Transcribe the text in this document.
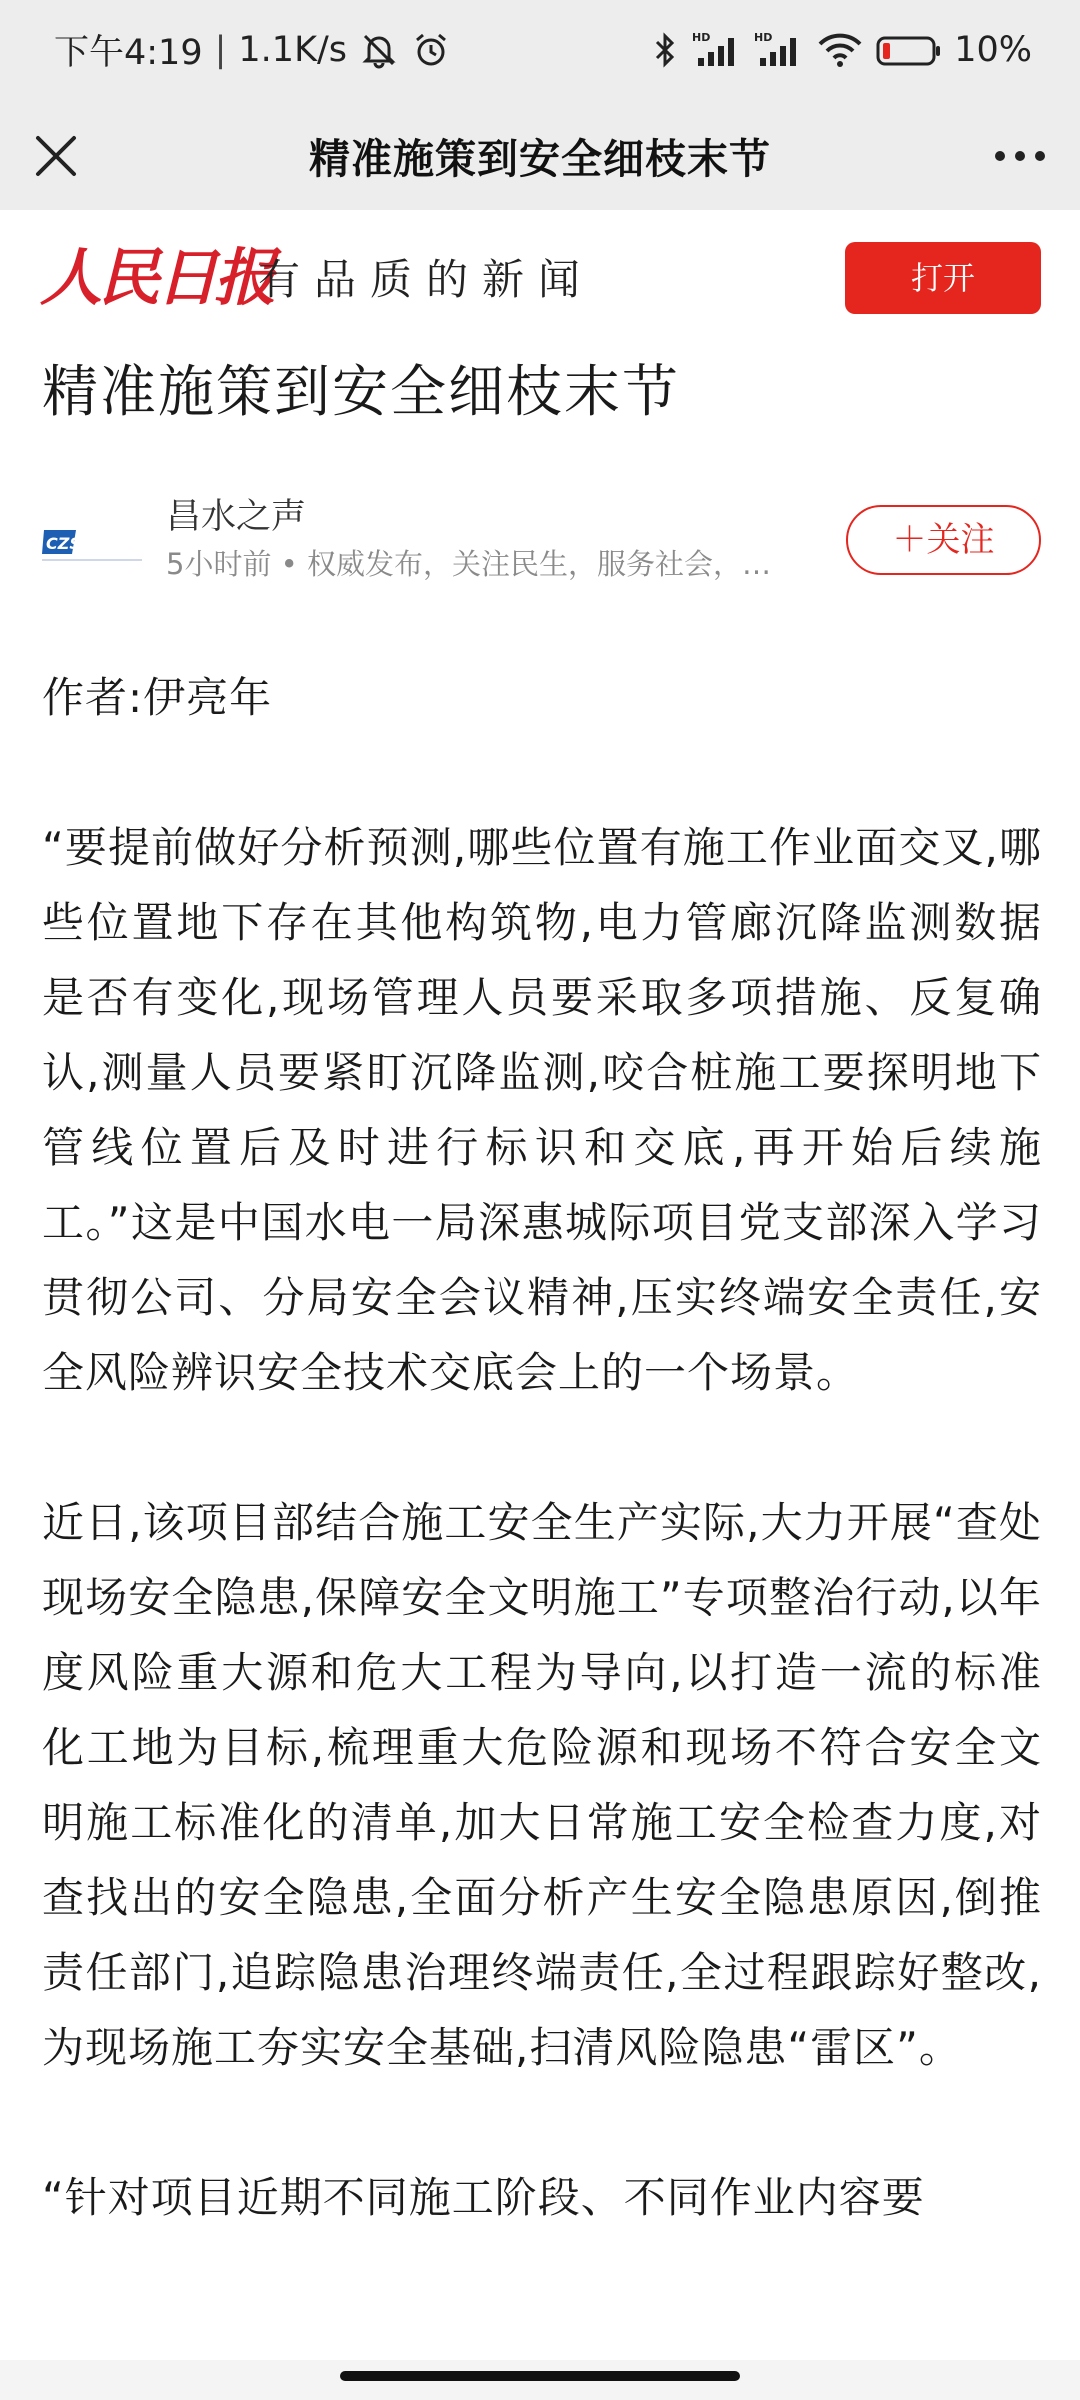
下午4:19 | 1.1K/s	HD	HD	10%
精准施策到安全细枝末节
人民日报
有品质的新闻	打开
精准施策到安全细枝末节
CZS 昌水之
昌水之声
5小时前 • 权威发布，关注民生，服务社会，…
＋关注

作者:伊亮年

“要提前做好分析预测,哪些位置有施工作业面交叉,哪些位置地下存在其他构筑物,电力管廊沉降监测数据是否有变化,现场管理人员要采取多项措施、反复确认,测量人员要紧盯沉降监测,咬合桩施工要探明地下管线位置后及时进行标识和交底,再开始后续施工。”这是中国水电一局深惠城际项目党支部深入学习贯彻公司、分局安全会议精神,压实终端安全责任,安全风险辨识安全技术交底会上的一个场景。

近日,该项目部结合施工安全生产实际,大力开展“查处现场安全隐患,保障安全文明施工”专项整治行动,以年度风险重大源和危大工程为导向,以打造一流的标准化工地为目标,梳理重大危险源和现场不符合安全文明施工标准化的清单,加大日常施工安全检查力度,对查找出的安全隐患,全面分析产生安全隐患原因,倒推责任部门,追踪隐患治理终端责任,全过程跟踪好整改,为现场施工夯实安全基础,扫清风险隐患“雷区”。

“针对项目近期不同施工阶段、不同作业内容要
